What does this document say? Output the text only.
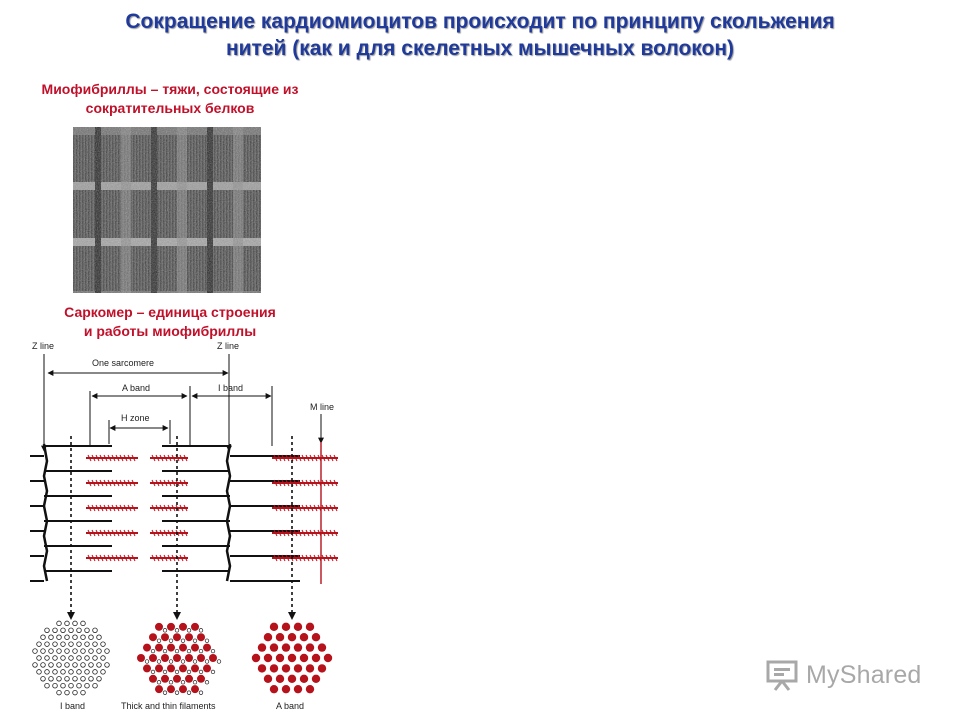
Сокращение кардиомиоцитов происходит по принципу скольжения
нитей (как и для скелетных мышечных волокон)
Миофибриллы – тяжи, состоящие из
сократительных белков
Саркомер – единица строения
и работы миофибриллы
Z line	Z line
One sarcomere
A band	I band
H zone
M line
I band	Thick and thin filaments	A band
MyShared
